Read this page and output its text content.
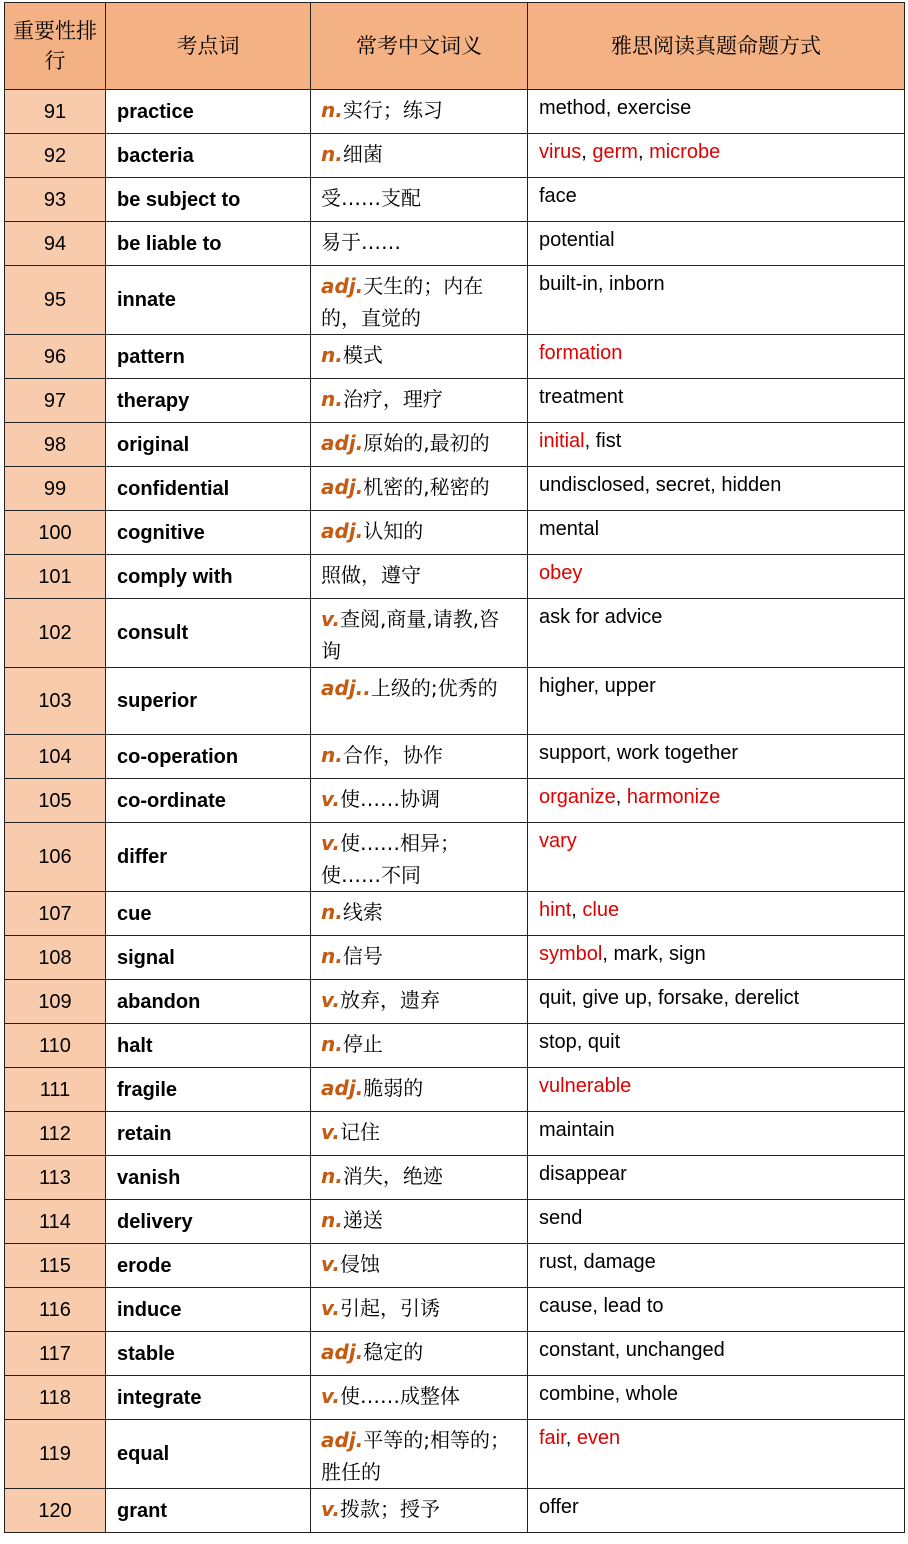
重要性排行	考点词	常考中文词义	雅思阅读真题命题方式
91	practice	n.实行；练习	method, exercise
92	bacteria	n.细菌	virus, germ, microbe
93	be subject to	受……支配	face
94	be liable to	易于……	potential
95	innate	adj.天生的；内在的，直觉的	built-in, inborn
96	pattern	n.模式	formation
97	therapy	n.治疗，理疗	treatment
98	original	adj.原始的,最初的	initial, fist
99	confidential	adj.机密的,秘密的	undisclosed, secret, hidden
100	cognitive	adj.认知的	mental
101	comply with	照做，遵守	obey
102	consult	v.查阅,商量,请教,咨询	ask for advice
103	superior	adj..上级的;优秀的	higher, upper
104	co-operation	n.合作，协作	support, work together
105	co-ordinate	v.使……协调	organize, harmonize
106	differ	v.使……相异；使……不同	vary
107	cue	n.线索	hint, clue
108	signal	n.信号	symbol, mark, sign
109	abandon	v.放弃，遗弃	quit, give up, forsake, derelict
110	halt	n.停止	stop, quit
111	fragile	adj.脆弱的	vulnerable
112	retain	v.记住	maintain
113	vanish	n.消失，绝迹	disappear
114	delivery	n.递送	send
115	erode	v.侵蚀	rust, damage
116	induce	v.引起，引诱	cause, lead to
117	stable	adj.稳定的	constant, unchanged
118	integrate	v.使……成整体	combine, whole
119	equal	adj.平等的;相等的；胜任的	fair, even
120	grant	v.拨款；授予	offer
